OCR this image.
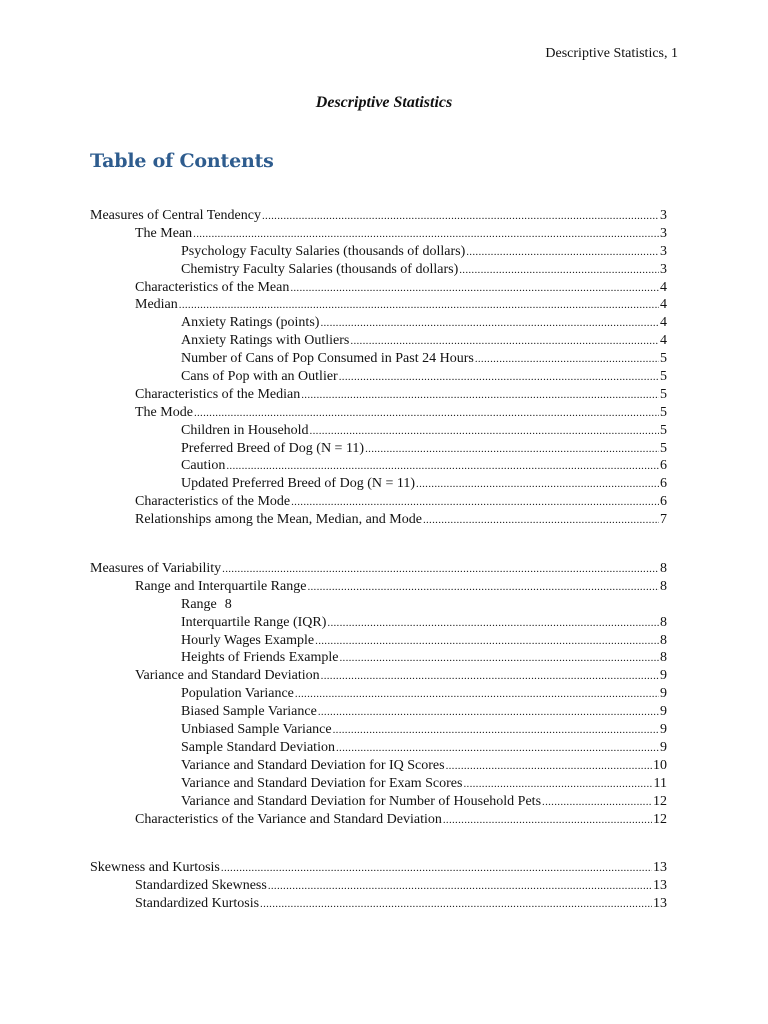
Descriptive Statistics, 1
Descriptive Statistics
Table of Contents
Measures of Central Tendency .....	3
The Mean .....	3
Psychology Faculty Salaries (thousands of dollars) .....	3
Chemistry Faculty Salaries (thousands of dollars) .....	3
Characteristics of the Mean .....	4
Median .....	4
Anxiety Ratings (points) .....	4
Anxiety Ratings with Outliers .....	4
Number of Cans of Pop Consumed in Past 24 Hours .....	5
Cans of Pop with an Outlier .....	5
Characteristics of the Median .....	5
The Mode .....	5
Children in Household .....	5
Preferred Breed of Dog (N = 11) .....	5
Caution .....	6
Updated Preferred Breed of Dog (N = 11) .....	6
Characteristics of the Mode .....	6
Relationships among the Mean, Median, and Mode .....	7
Measures of Variability .....	8
Range and Interquartile Range .....	8
Range 8
Interquartile Range (IQR) .....	8
Hourly Wages Example .....	8
Heights of Friends Example .....	8
Variance and Standard Deviation .....	9
Population Variance .....	9
Biased Sample Variance .....	9
Unbiased Sample Variance .....	9
Sample Standard Deviation .....	9
Variance and Standard Deviation for IQ Scores .....	10
Variance and Standard Deviation for Exam Scores .....	11
Variance and Standard Deviation for Number of Household Pets .....	12
Characteristics of the Variance and Standard Deviation .....	12
Skewness and Kurtosis .....	13
Standardized Skewness .....	13
Standardized Kurtosis .....	13
